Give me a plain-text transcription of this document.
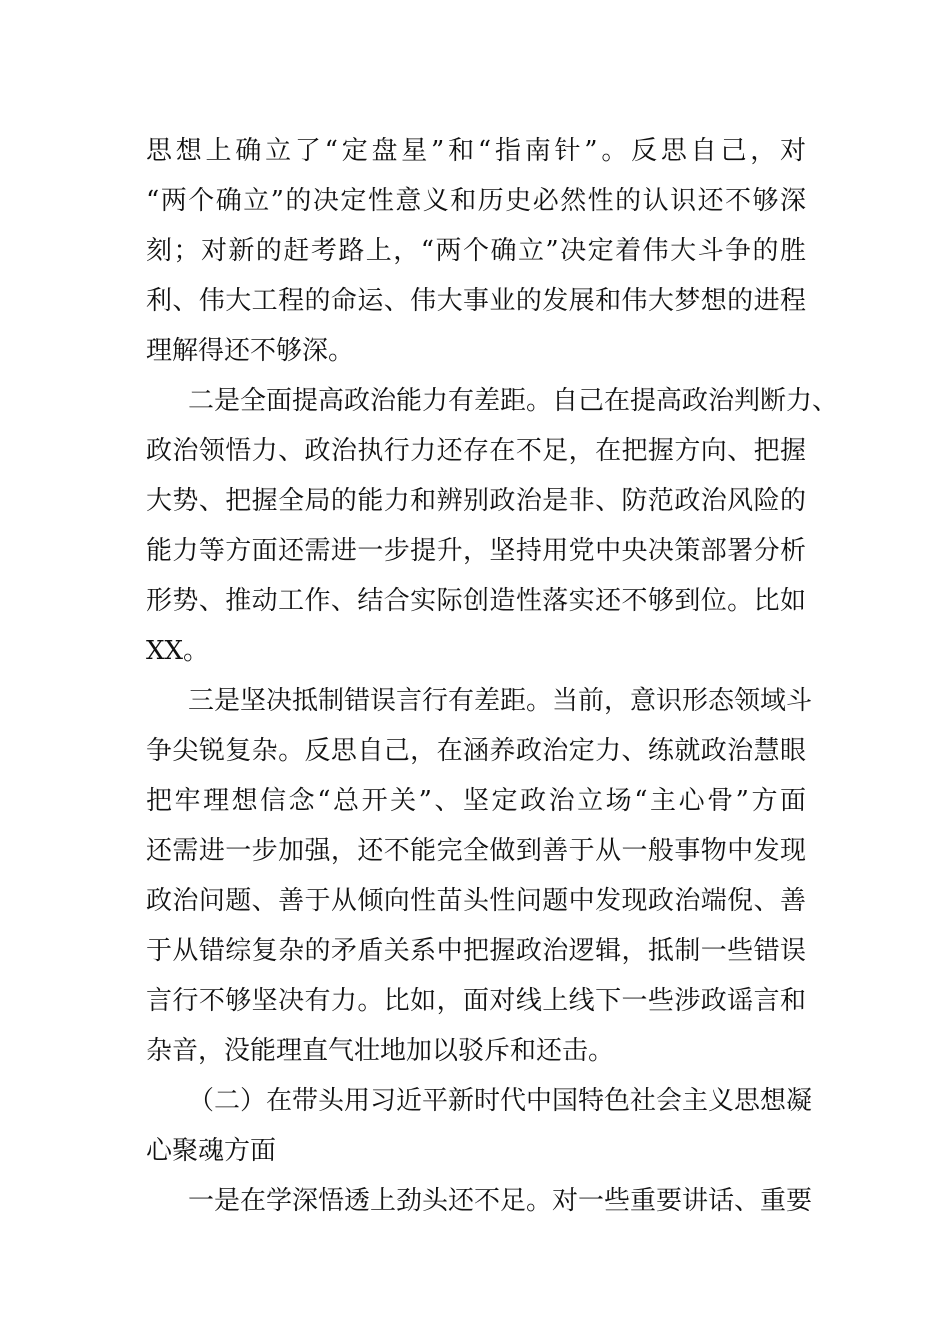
思想上确立了“定盘星”和“指南针”。反思自己，对
“两个确立”的决定性意义和历史必然性的认识还不够深
刻；对新的赶考路上，“两个确立”决定着伟大斗争的胜
利、伟大工程的命运、伟大事业的发展和伟大梦想的进程
理解得还不够深。
二是全面提高政治能力有差距。自己在提高政治判断力、
政治领悟力、政治执行力还存在不足，在把握方向、把握
大势、把握全局的能力和辨别政治是非、防范政治风险的
能力等方面还需进一步提升，坚持用党中央决策部署分析
形势、推动工作、结合实际创造性落实还不够到位。比如
XX。
三是坚决抵制错误言行有差距。当前，意识形态领域斗
争尖锐复杂。反思自己，在涵养政治定力、练就政治慧眼
把牢理想信念“总开关”、坚定政治立场“主心骨”方面
还需进一步加强，还不能完全做到善于从一般事物中发现
政治问题、善于从倾向性苗头性问题中发现政治端倪、善
于从错综复杂的矛盾关系中把握政治逻辑，抵制一些错误
言行不够坚决有力。比如，面对线上线下一些涉政谣言和
杂音，没能理直气壮地加以驳斥和还击。
（二）在带头用习近平新时代中国特色社会主义思想凝
心聚魂方面
一是在学深悟透上劲头还不足。对一些重要讲话、重要
